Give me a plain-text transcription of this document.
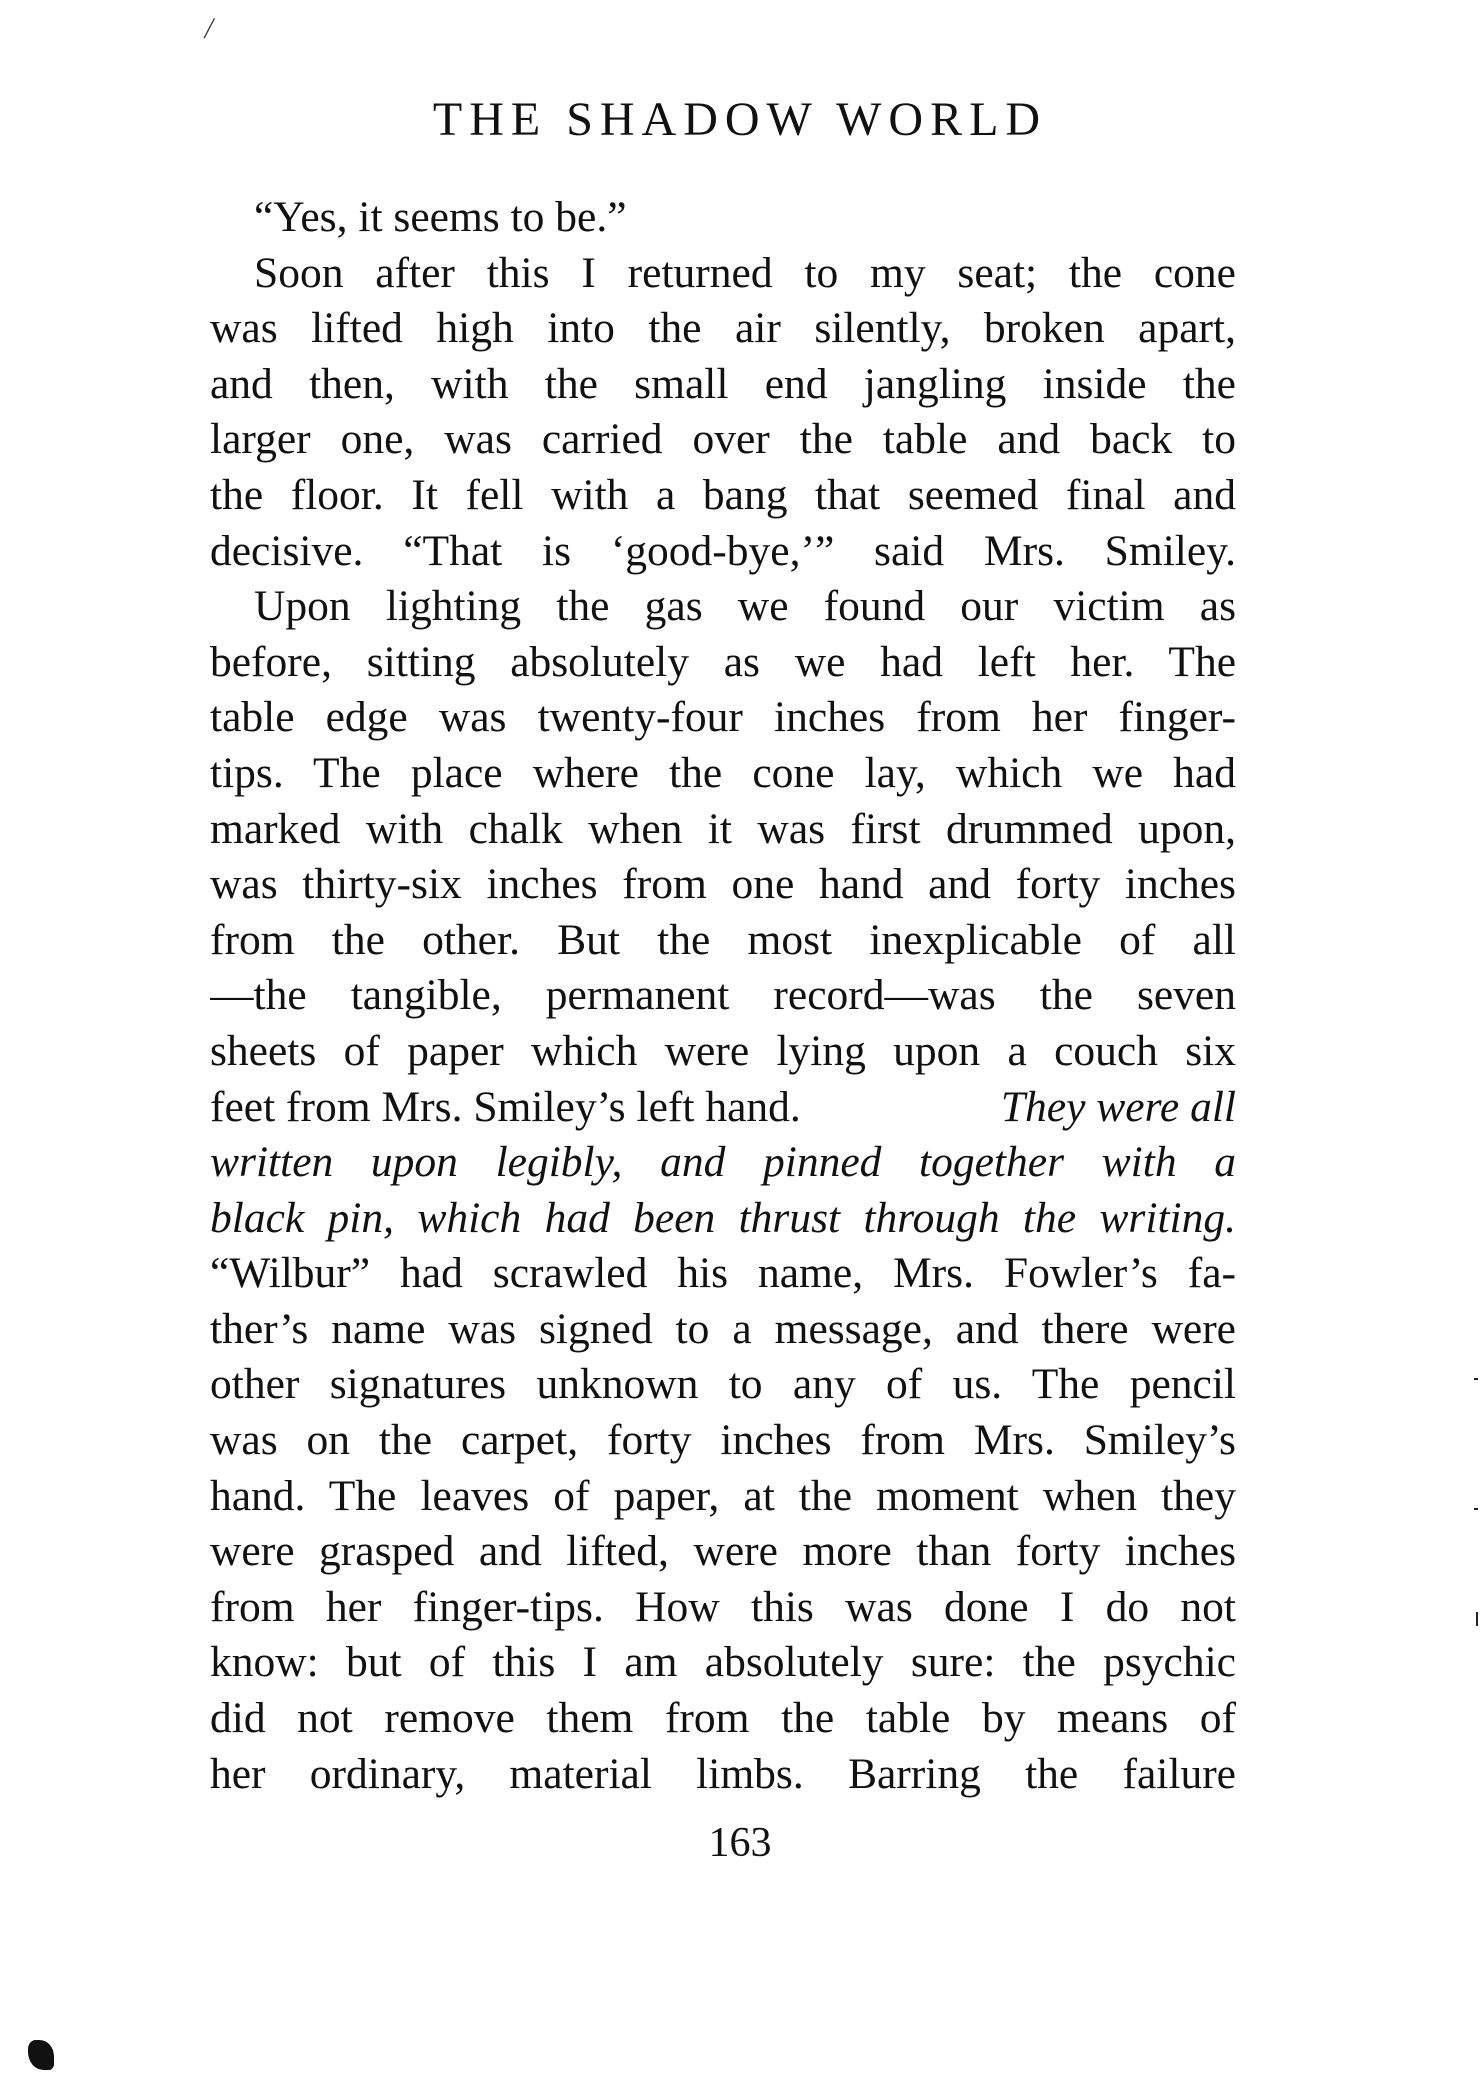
/
THE SHADOW WORLD
“Yes, it seems to be.”
Soon after this I returned to my seat; the cone
was lifted high into the air silently, broken apart,
and then, with the small end jangling inside the
larger one, was carried over the table and back to
the floor. It fell with a bang that seemed final and
decisive. “That is ‘good-bye,’” said Mrs. Smiley.
Upon lighting the gas we found our victim as
before, sitting absolutely as we had left her. The
table edge was twenty-four inches from her finger-
tips. The place where the cone lay, which we had
marked with chalk when it was first drummed upon,
was thirty-six inches from one hand and forty inches
from the other. But the most inexplicable of all
—the tangible, permanent record—was the seven
sheets of paper which were lying upon a couch six
feet from Mrs. Smiley’s left hand.	They were all
written upon legibly, and pinned together with a
black pin, which had been thrust through the writing.
“Wilbur” had scrawled his name, Mrs. Fowler’s fa-
ther’s name was signed to a message, and there were
other signatures unknown to any of us. The pencil
was on the carpet, forty inches from Mrs. Smiley’s
hand. The leaves of paper, at the moment when they
were grasped and lifted, were more than forty inches
from her finger-tips. How this was done I do not
know: but of this I am absolutely sure: the psychic
did not remove them from the table by means of
her ordinary, material limbs. Barring the failure
163
